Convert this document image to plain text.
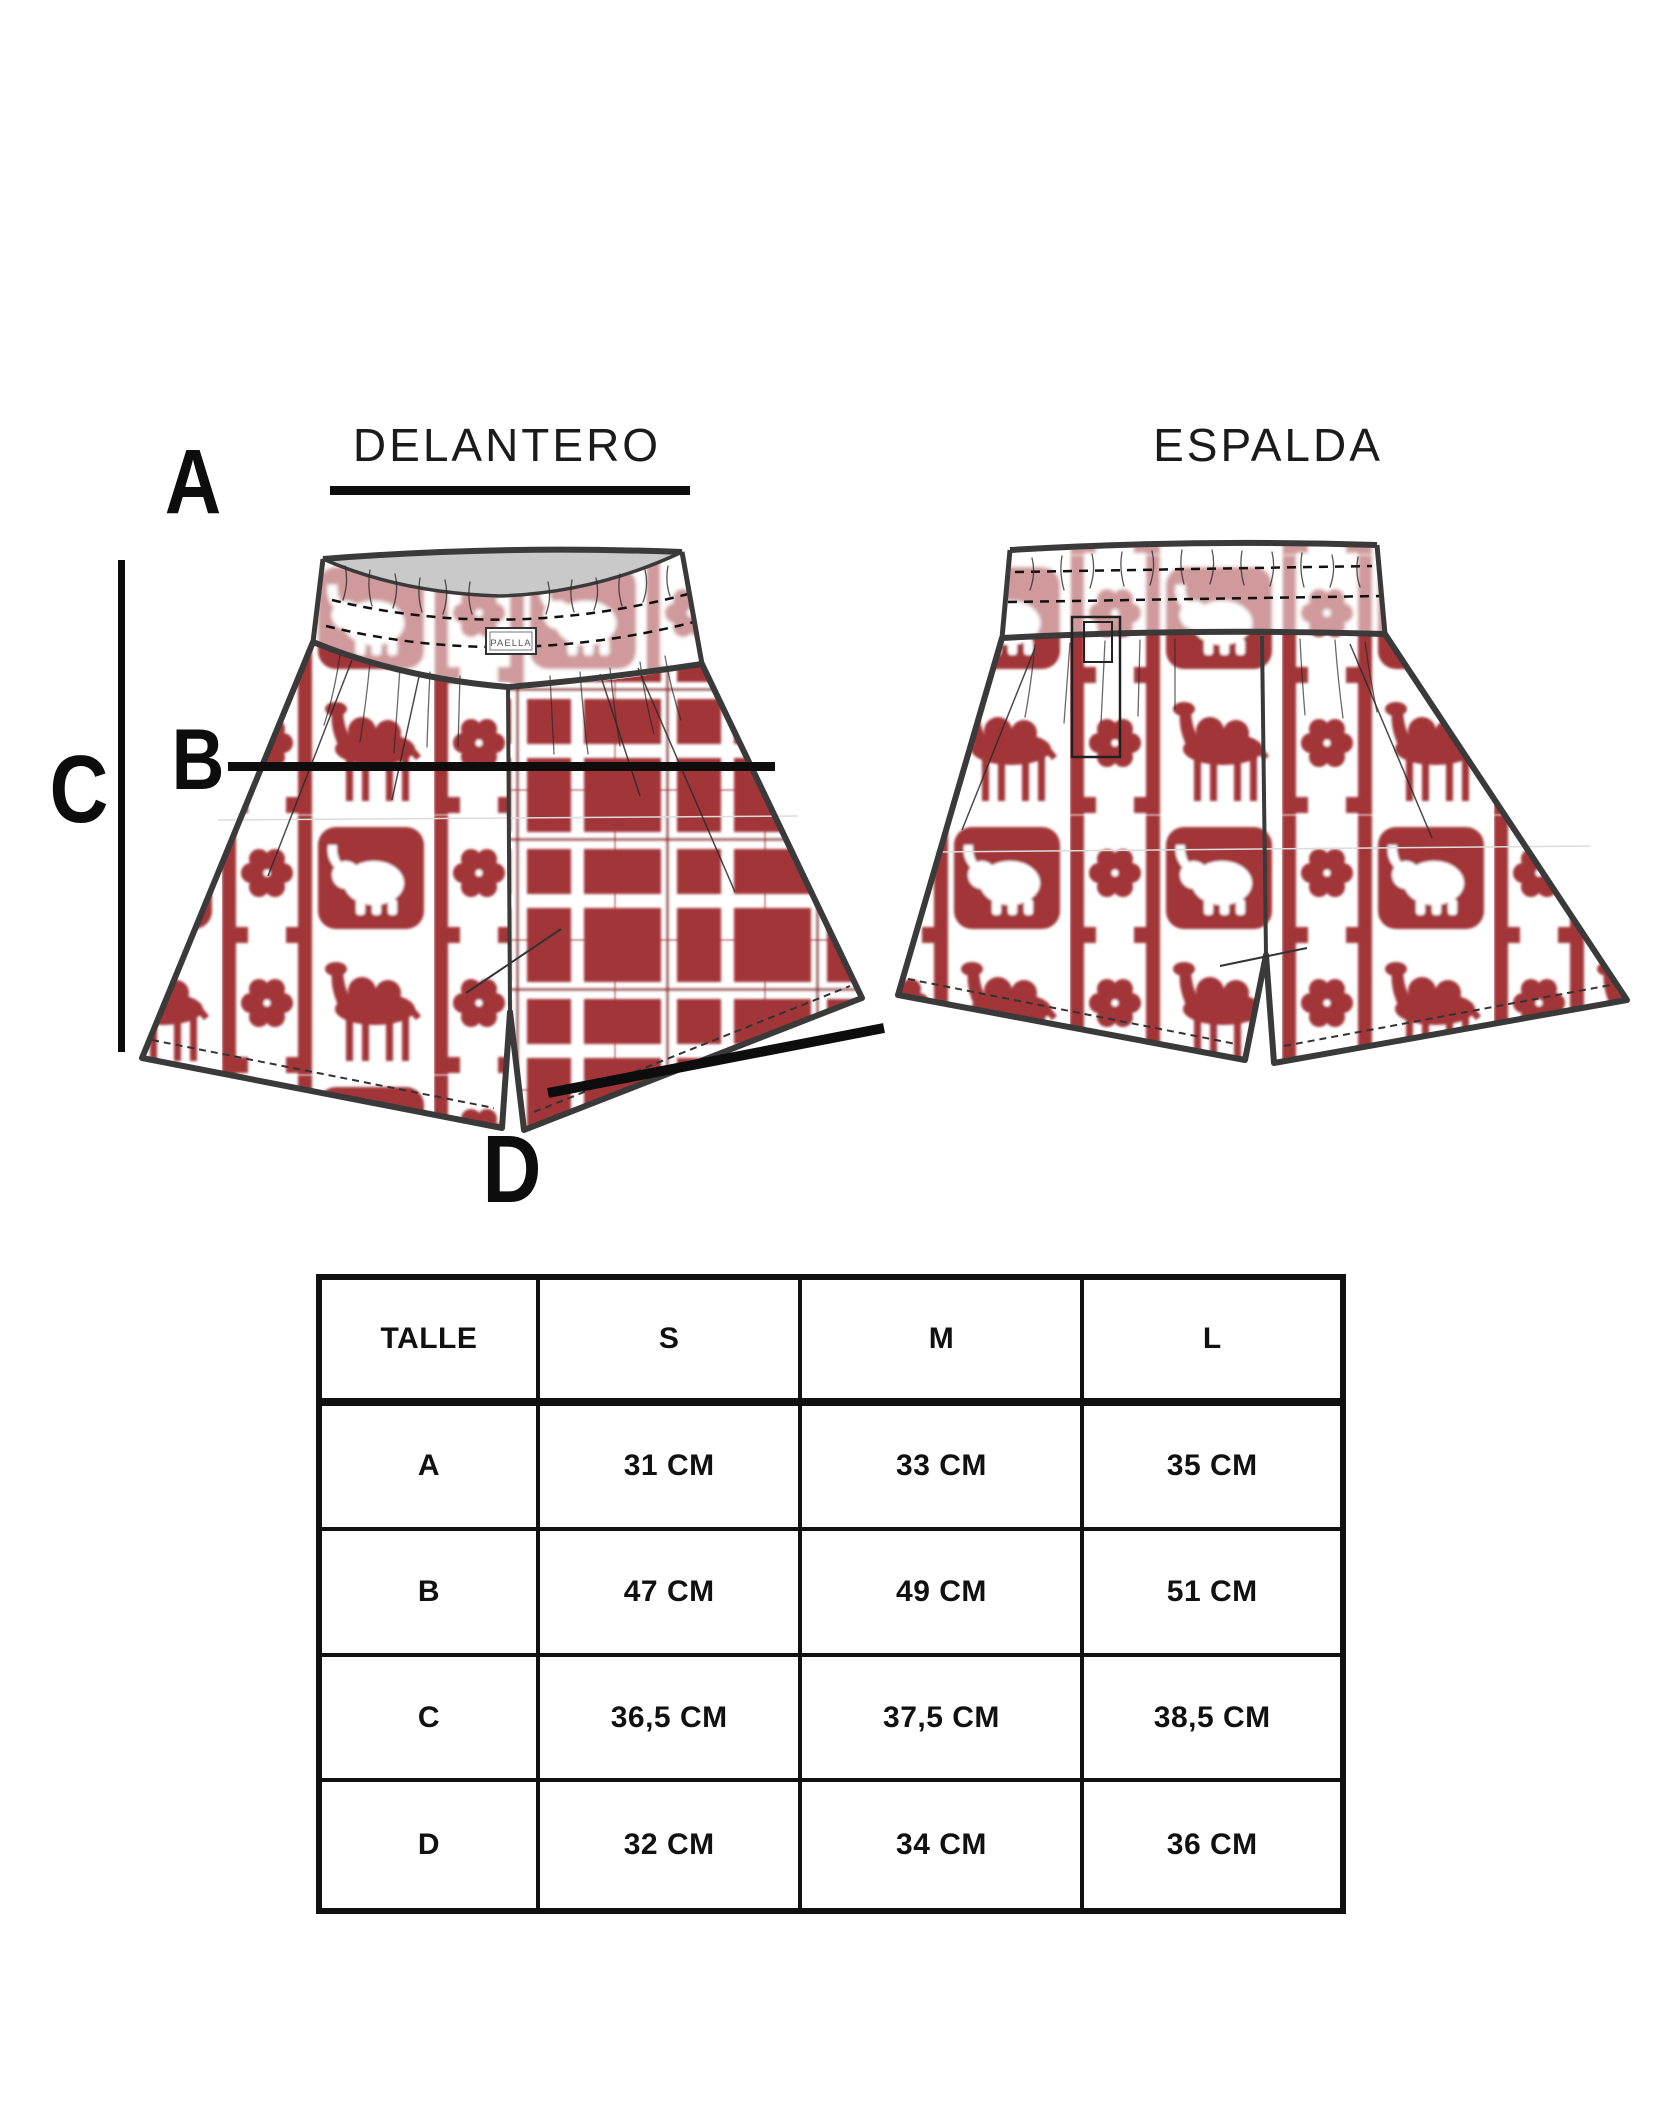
PAELLA
DELANTERO	ESPALDA
A
B
C
D
TALLE	S	M	L
A	31 CM	33 CM	35 CM
B	47 CM	49 CM	51 CM
C	36,5 CM	37,5 CM	38,5 CM
D	32 CM	34 CM	36 CM
